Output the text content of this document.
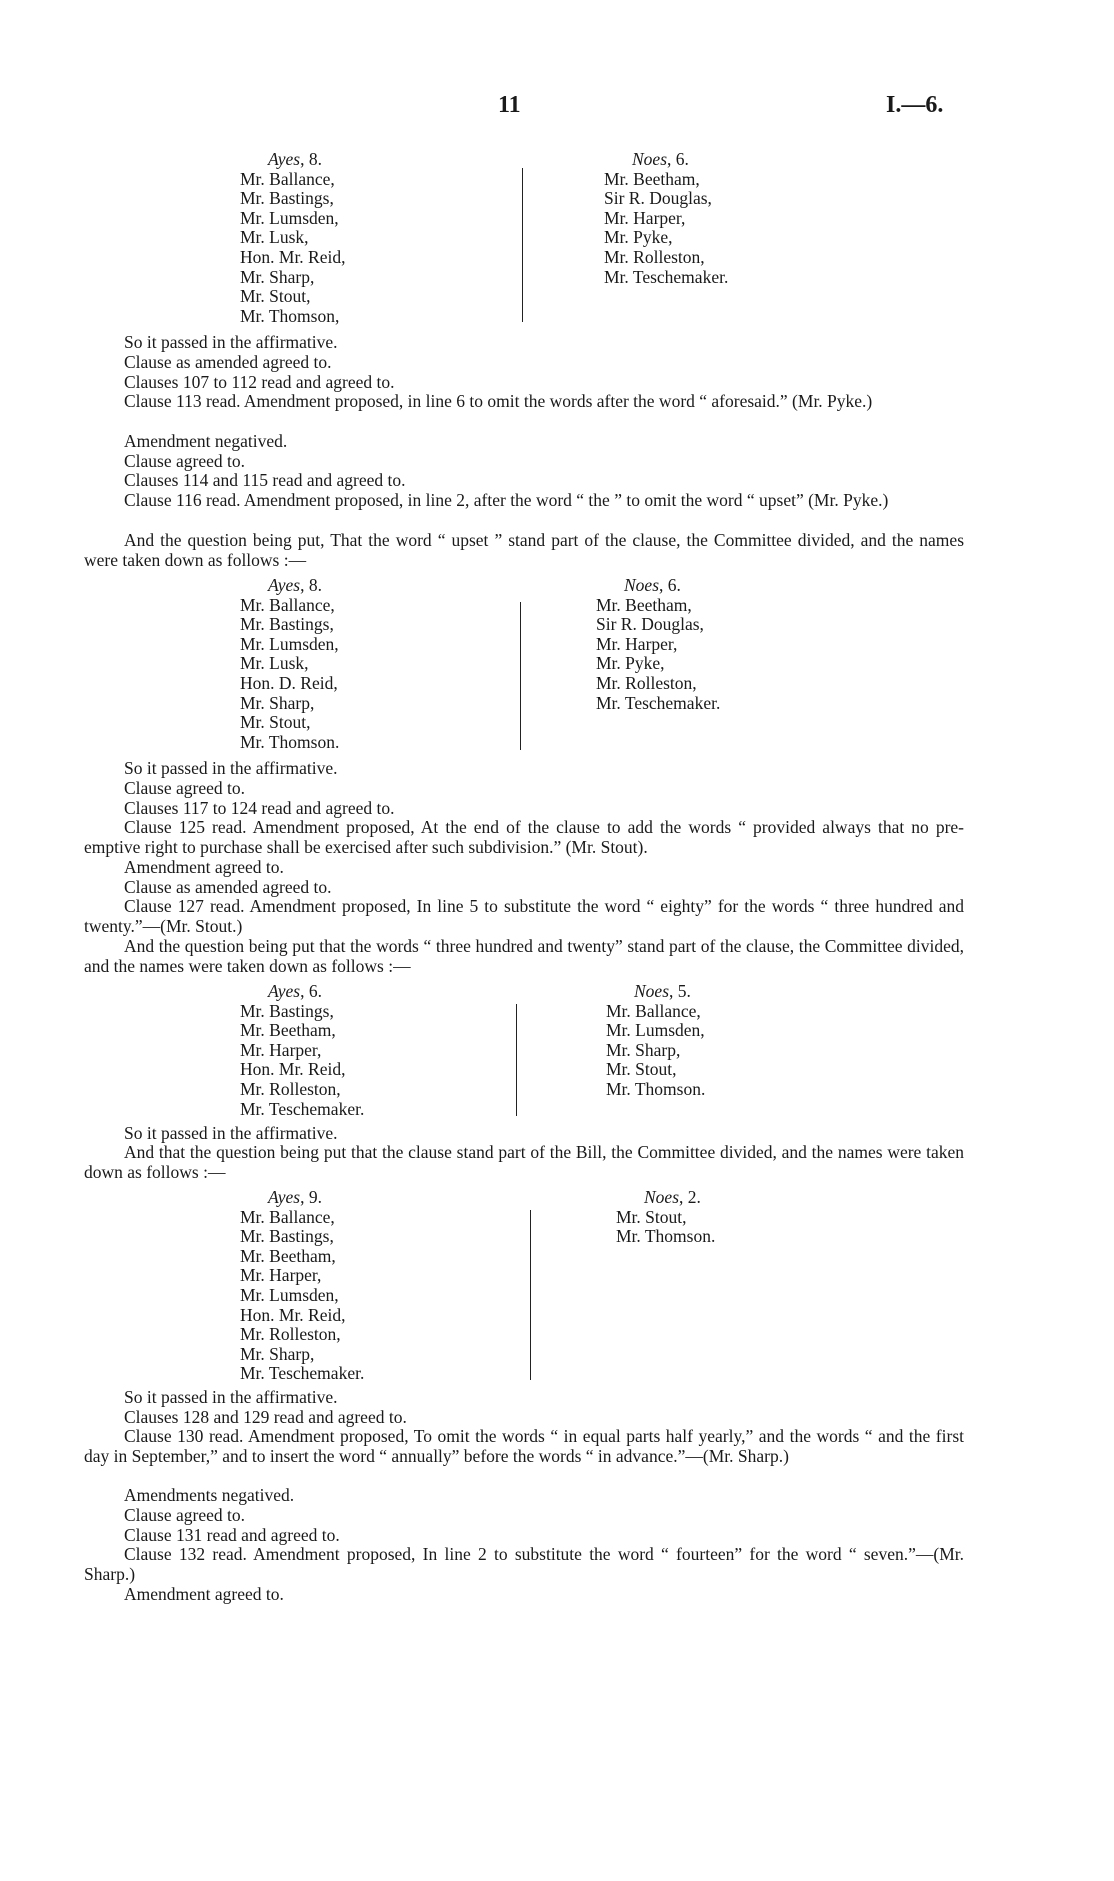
11	I.—6.
Ayes, 8.
Mr. Ballance,
Mr. Bastings,
Mr. Lumsden,
Mr. Lusk,
Hon. Mr. Reid,
Mr. Sharp,
Mr. Stout,
Mr. Thomson,
Noes, 6.
Mr. Beetham,
Sir R. Douglas,
Mr. Harper,
Mr. Pyke,
Mr. Rolleston,
Mr. Teschemaker.
So it passed in the affirmative.
Clause as amended agreed to.
Clauses 107 to 112 read and agreed to.
Clause 113 read. Amendment proposed, in line 6 to omit the words after the word “ aforesaid.” (Mr. Pyke.)
Amendment negatived.
Clause agreed to.
Clauses 114 and 115 read and agreed to.
Clause 116 read. Amendment proposed, in line 2, after the word “ the ” to omit the word “ upset” (Mr. Pyke.)
And the question being put, That the word “ upset ” stand part of the clause, the Committee divided, and the names were taken down as follows :—
Ayes, 8.
Mr. Ballance,
Mr. Bastings,
Mr. Lumsden,
Mr. Lusk,
Hon. D. Reid,
Mr. Sharp,
Mr. Stout,
Mr. Thomson.
Noes, 6.
Mr. Beetham,
Sir R. Douglas,
Mr. Harper,
Mr. Pyke,
Mr. Rolleston,
Mr. Teschemaker.
So it passed in the affirmative.
Clause agreed to.
Clauses 117 to 124 read and agreed to.
Clause 125 read. Amendment proposed, At the end of the clause to add the words “ provided always that no pre-emptive right to purchase shall be exercised after such subdivision.” (Mr. Stout).
Amendment agreed to.
Clause as amended agreed to.
Clause 127 read. Amendment proposed, In line 5 to substitute the word “ eighty” for the words “ three hundred and twenty.”—(Mr. Stout.)
And the question being put that the words “ three hundred and twenty” stand part of the clause, the Committee divided, and the names were taken down as follows :—
Ayes, 6.
Mr. Bastings,
Mr. Beetham,
Mr. Harper,
Hon. Mr. Reid,
Mr. Rolleston,
Mr. Teschemaker.
Noes, 5.
Mr. Ballance,
Mr. Lumsden,
Mr. Sharp,
Mr. Stout,
Mr. Thomson.
So it passed in the affirmative.
And that the question being put that the clause stand part of the Bill, the Committee divided, and the names were taken down as follows :—
Ayes, 9.
Mr. Ballance,
Mr. Bastings,
Mr. Beetham,
Mr. Harper,
Mr. Lumsden,
Hon. Mr. Reid,
Mr. Rolleston,
Mr. Sharp,
Mr. Teschemaker.
Noes, 2.
Mr. Stout,
Mr. Thomson.
So it passed in the affirmative.
Clauses 128 and 129 read and agreed to.
Clause 130 read. Amendment proposed, To omit the words “ in equal parts half yearly,” and the words “ and the first day in September,” and to insert the word “ annually” before the words “ in advance.”—(Mr. Sharp.)
Amendments negatived.
Clause agreed to.
Clause 131 read and agreed to.
Clause 132 read. Amendment proposed, In line 2 to substitute the word “ fourteen” for the word “ seven.”—(Mr. Sharp.)
Amendment agreed to.
